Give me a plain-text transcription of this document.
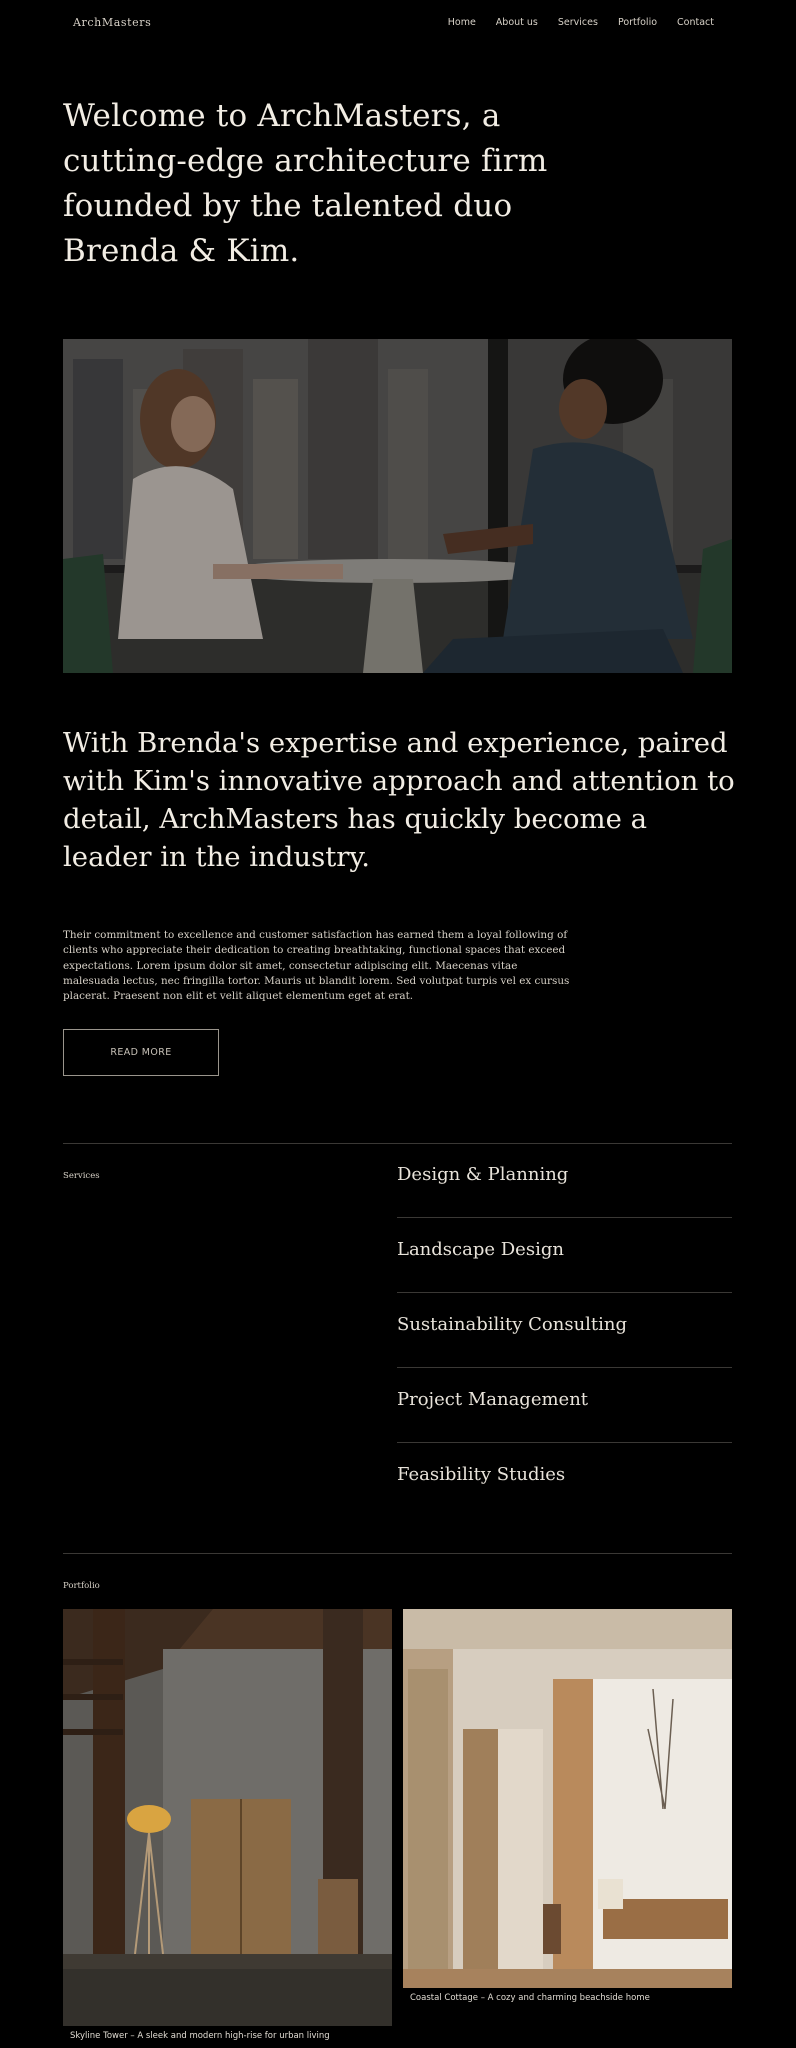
ArchMasters	Home About us Services Portfolio Contact
Welcome to ArchMasters, a cutting-edge architecture firm founded by the talented duo Brenda & Kim.

With Brenda's expertise and experience, paired with Kim's innovative approach and attention to detail, ArchMasters has quickly become a leader in the industry.

Their commitment to excellence and customer satisfaction has earned them a loyal following of clients who appreciate their dedication to creating breathtaking, functional spaces that exceed expectations. Lorem ipsum dolor sit amet, consectetur adipiscing elit. Maecenas vitae malesuada lectus, nec fringilla tortor. Mauris ut blandit lorem. Sed volutpat turpis vel ex cursus placerat. Praesent non elit et velit aliquet elementum eget at erat.

READ MORE
Services	Design & Planning
Landscape Design
Sustainability Consulting
Project Management
Feasibility Studies
Portfolio
Skyline Tower – A sleek and modern high-rise for urban living
Coastal Cottage – A cozy and charming beachside home
